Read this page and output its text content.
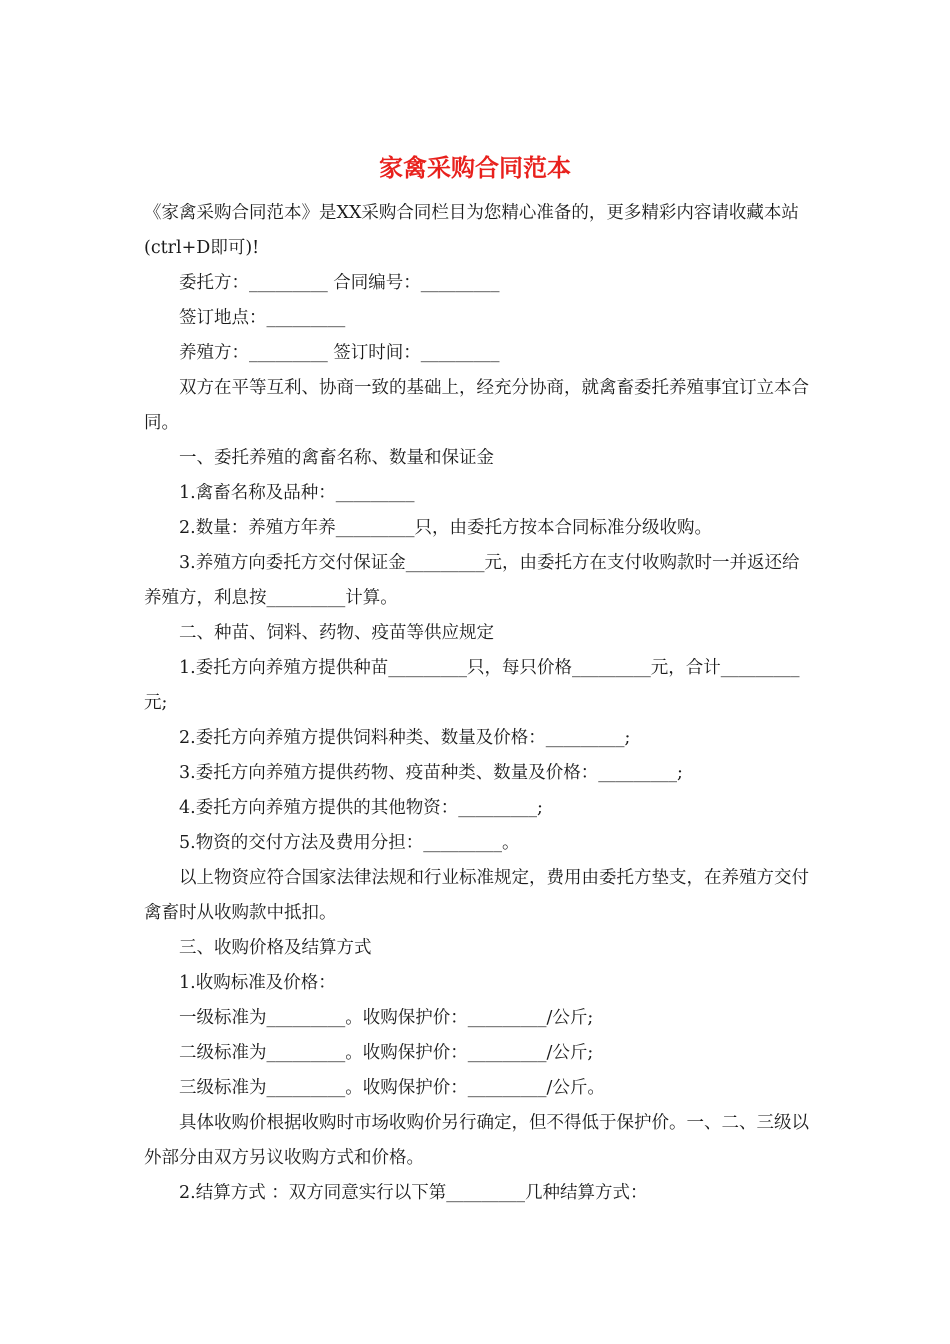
家禽采购合同范本

《家禽采购合同范本》是XX采购合同栏目为您精心准备的，更多精彩内容请收藏本站(ctrl+D即可)!

委托方：_________ 合同编号：_________

签订地点：_________

养殖方：_________ 签订时间：_________

双方在平等互利、协商一致的基础上，经充分协商，就禽畜委托养殖事宜订立本合同。

一、委托养殖的禽畜名称、数量和保证金

1.禽畜名称及品种：_________

2.数量：养殖方年养_________只，由委托方按本合同标准分级收购。

3.养殖方向委托方交付保证金_________元，由委托方在支付收购款时一并返还给养殖方，利息按_________计算。

二、种苗、饲料、药物、疫苗等供应规定

1.委托方向养殖方提供种苗_________只，每只价格_________元，合计_________元;

2.委托方向养殖方提供饲料种类、数量及价格：_________;

3.委托方向养殖方提供药物、疫苗种类、数量及价格：_________;

4.委托方向养殖方提供的其他物资：_________;

5.物资的交付方法及费用分担：_________。

以上物资应符合国家法律法规和行业标准规定，费用由委托方垫支，在养殖方交付禽畜时从收购款中抵扣。

三、收购价格及结算方式

1.收购标准及价格：

一级标准为_________。收购保护价：_________/公斤;

二级标准为_________。收购保护价：_________/公斤;

三级标准为_________。收购保护价：_________/公斤。

具体收购价根据收购时市场收购价另行确定，但不得低于保护价。一、二、三级以外部分由双方另议收购方式和价格。

2.结算方式 ：双方同意实行以下第_________几种结算方式：
